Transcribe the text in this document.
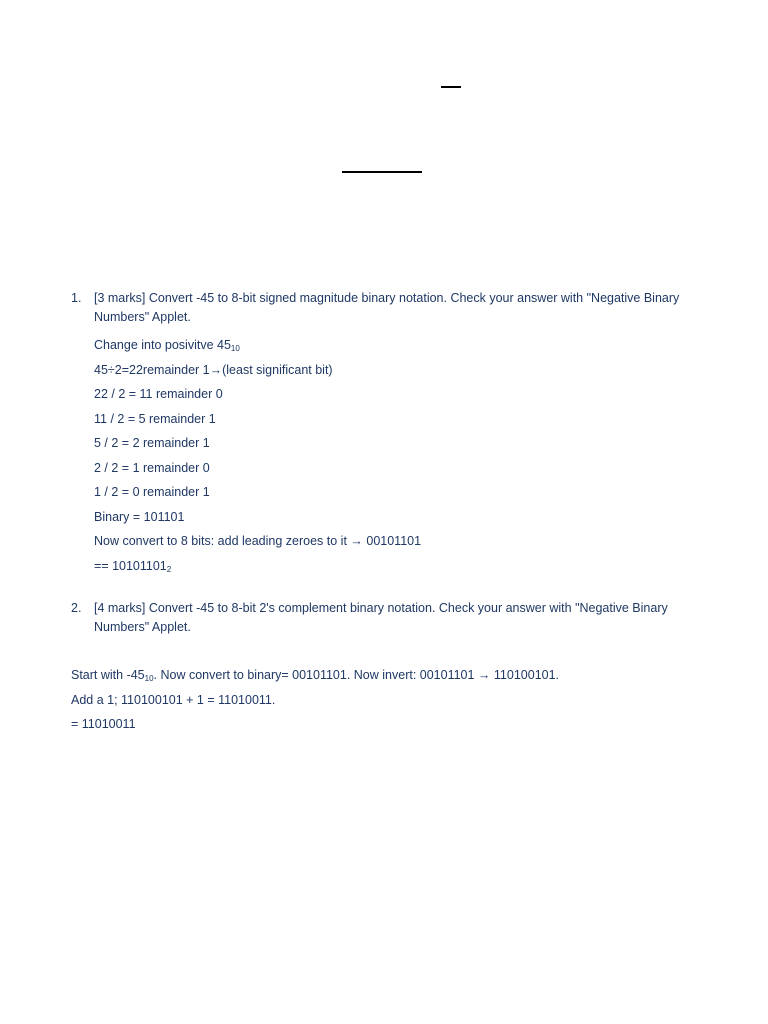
1. [3 marks] Convert -45 to 8-bit signed magnitude binary notation. Check your answer with "Negative Binary Numbers" Applet.
Change into posivitve $45_{10}$
45÷2=22remainder 1→(least significant bit)
22 / 2 = 11 remainder 0
11 / 2 = 5 remainder 1
5 / 2 = 2 remainder 1
2 / 2 = 1 remainder 0
1 / 2 = 0 remainder 1
Binary = 101101
Now convert to 8 bits: add leading zeroes to it → 00101101
== $10101101_2$
2. [4 marks] Convert -45 to 8-bit 2's complement binary notation. Check your answer with "Negative Binary Numbers" Applet.
Start with $-45_{10}$. Now convert to binary= 00101101. Now invert: 00101101 → 110100101.
Add a 1; 110100101 + 1 = 11010011.
= 11010011
